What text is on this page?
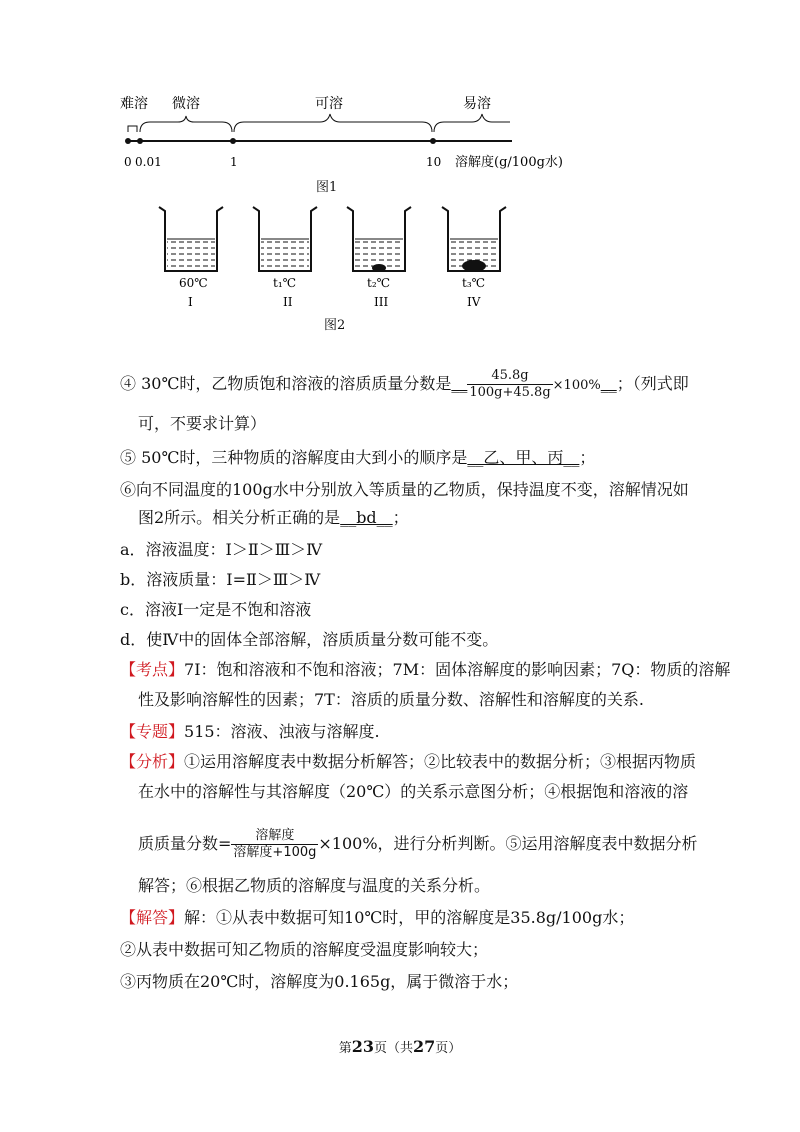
难溶 微溶	可溶	易溶
0 0.01	1	10 溶解度(g/100g水)
图1
60℃	t₁℃	t₂℃	t₃℃
I	II	III	IV
图2
④ 30℃时，乙物质饱和溶液的溶质质量分数是__ $\frac{45.8g}{100g+45.8g}$ ×100%__；（列式即
可，不要求计算）
⑤ 50℃时，三种物质的溶解度由大到小的顺序是__乙、甲、丙__；
⑥向不同温度的100g水中分别放入等质量的乙物质，保持温度不变，溶解情况如
图2所示。相关分析正确的是__bd__；
a．溶液温度：Ⅰ＞Ⅱ＞Ⅲ＞Ⅳ
b．溶液质量：Ⅰ=Ⅱ＞Ⅲ＞Ⅳ
c．溶液Ⅰ一定是不饱和溶液
d．使Ⅳ中的固体全部溶解，溶质质量分数可能不变。
【考点】7I：饱和溶液和不饱和溶液；7M：固体溶解度的影响因素；7Q：物质的溶解
性及影响溶解性的因素；7T：溶质的质量分数、溶解性和溶解度的关系.
【专题】515：溶液、浊液与溶解度.
【分析】①运用溶解度表中数据分析解答；②比较表中的数据分析；③根据丙物质
在水中的溶解性与其溶解度（20℃）的关系示意图分析；④根据饱和溶液的溶
质质量分数= $\frac{\text{溶解度}}{\text{溶解度+100g}} \times 100\%$，进行分析判断。⑤运用溶解度表中数据分析
解答；⑥根据乙物质的溶解度与温度的关系分析。
【解答】解：①从表中数据可知10℃时，甲的溶解度是35.8g/100g水；
②从表中数据可知乙物质的溶解度受温度影响较大；
③丙物质在20℃时，溶解度为0.165g，属于微溶于水；
第23页（共27页）
